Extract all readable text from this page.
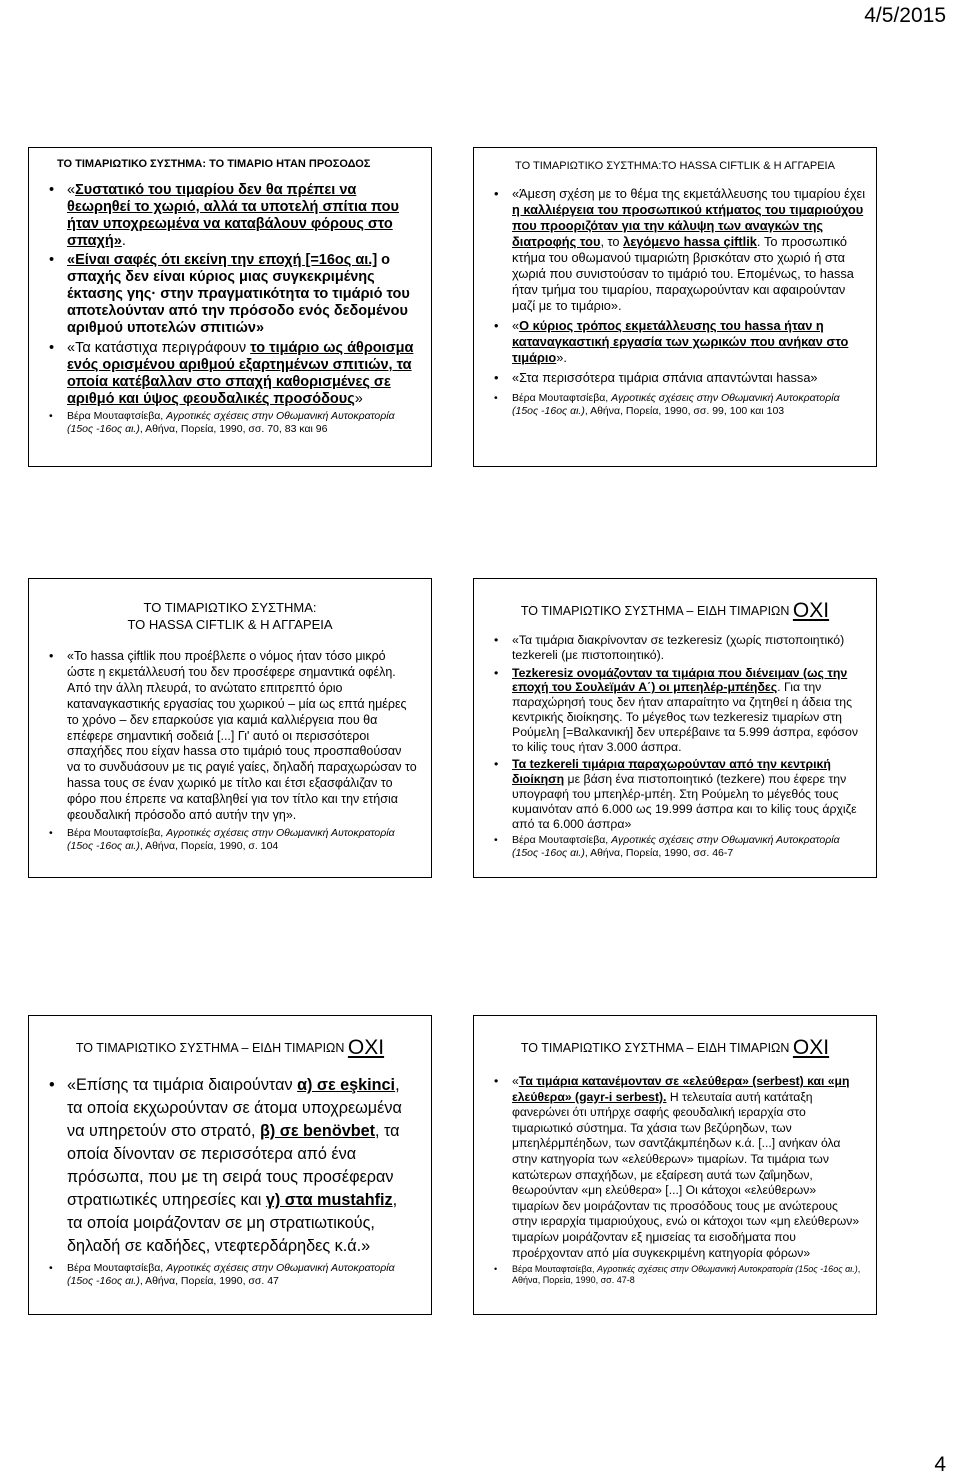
4/5/2015
ΤΟ ΤΙΜΑΡΙΩΤΙΚΟ ΣΥΣΤΗΜΑ: ΤΟ ΤΙΜΑΡΙΟ ΗΤΑΝ ΠΡΟΣΟΔΟΣ
• «Συστατικό του τιμαρίου δεν θα πρέπει να θεωρηθεί το χωριό, αλλά τα υποτελή σπίτια που ήταν υποχρεωμένα να καταβάλουν φόρους στο σπαχή».
• «Είναι σαφές ότι εκείνη την εποχή [=16ος αι.] ο σπαχής δεν είναι κύριος μιας συγκεκριμένης έκτασης γης· στην πραγματικότητα το τιμάριό του αποτελούνταν από την πρόσοδο ενός δεδομένου αριθμού υποτελών σπιτιών»
• «Τα κατάστιχα περιγράφουν το τιμάριο ως άθροισμα ενός ορισμένου αριθμού εξαρτημένων σπιτιών, τα οποία κατέβαλλαν στο σπαχή καθορισμένες σε αριθμό και ύψος φεουδαλικές προσόδους»
• Βέρα Μουταφτσίεβα, Αγροτικές σχέσεις στην Οθωμανική Αυτοκρατορία (15ος -16ος αι.), Αθήνα, Πορεία, 1990, σσ. 70, 83 και 96
ΤΟ ΤΙΜΑΡΙΩΤΙΚΟ ΣΥΣΤΗΜΑ:ΤΟ HASSA CIFTLIK & Η ΑΓΓΑΡΕΙΑ
• «Άμεση σχέση με το θέμα της εκμετάλλευσης του τιμαρίου έχει η καλλιέργεια του προσωπικού κτήματος του τιμαριούχου που προοριζόταν για την κάλυψη των αναγκών της διατροφής του, το λεγόμενο hassa çiftlik. Το προσωπικό κτήμα του οθωμανού τιμαριώτη βρισκόταν στο χωριό ή στα χωριά που συνιστούσαν το τιμάριό του. Επομένως, το hassa ήταν τμήμα του τιμαρίου, παραχωρούνταν και αφαιρούνταν μαζί με το τιμάριο».
• «Ο κύριος τρόπος εκμετάλλευσης του hassa ήταν η καταναγκαστική εργασία των χωρικών που ανήκαν στο τιμάριο».
• «Στα περισσότερα τιμάρια σπάνια απαντώνται hassa»
• Βέρα Μουταφτσίεβα, Αγροτικές σχέσεις στην Οθωμανική Αυτοκρατορία (15ος -16ος αι.), Αθήνα, Πορεία, 1990, σσ. 99, 100 και 103
ΤΟ ΤΙΜΑΡΙΩΤΙΚΟ ΣΥΣΤΗΜΑ:
ΤΟ HASSA CIFTLIK & Η ΑΓΓΑΡΕΙΑ
• «Το hassa çiftlik που προέβλεπε ο νόμος ήταν τόσο μικρό ώστε η εκμετάλλευσή του δεν προσέφερε σημαντικά οφέλη. Από την άλλη πλευρά, το ανώτατο επιτρεπτό όριο καταναγκαστικής εργασίας του χωρικού – μία ως επτά ημέρες το χρόνο – δεν επαρκούσε για καμιά καλλιέργεια που θα επέφερε σημαντική σοδειά [...] Γι' αυτό οι περισσότεροι σπαχήδες που είχαν hassa στο τιμάριό τους προσπαθούσαν να το συνδυάσουν με τις ραγιέ γαίες, δηλαδή παραχωρώσαν το hassa τους σε έναν χωρικό με τίτλο και έτσι εξασφάλιζαν το φόρο που έπρεπε να καταβληθεί για τον τίτλο και την ετήσια φεουδαλική πρόσοδο από αυτήν την γη».
• Βέρα Μουταφτσίεβα, Αγροτικές σχέσεις στην Οθωμανική Αυτοκρατορία (15ος -16ος αι.), Αθήνα, Πορεία, 1990, σ. 104
ΤΟ ΤΙΜΑΡΙΩΤΙΚΟ ΣΥΣΤΗΜΑ – ΕΙΔΗ ΤΙΜΑΡΙΩΝ ΟΧΙ
• «Τα τιμάρια διακρίνονταν σε tezkeresiz (χωρίς πιστοποιητικό) tezkereli (με πιστοποιητικό).
• Tezkeresiz ονομάζονταν τα τιμάρια που διένειμαν (ως την εποχή του Σουλεϊμάν Α΄) οι μπεηλέρ-μπέηδες. Για την παραχώρησή τους δεν ήταν απαραίτητο να ζητηθεί η άδεια της κεντρικής διοίκησης. Το μέγεθος των tezkeresiz τιμαρίων στη Ρούμελη [=Βαλκανική] δεν υπερέβαινε τα 5.999 άσπρα, εφόσον το kiliç τους ήταν 3.000 άσπρα.
• Τα tezkereli τιμάρια παραχωρούνταν από την κεντρική διοίκηση με βάση ένα πιστοποιητικό (tezkere) που έφερε την υπογραφή του μπεηλέρ-μπέη. Στη Ρούμελη το μέγεθός τους κυμαινόταν από 6.000 ως 19.999 άσπρα και το kiliç τους άρχιζε από τα 6.000 άσπρα»
• Βέρα Μουταφτσίεβα, Αγροτικές σχέσεις στην Οθωμανική Αυτοκρατορία (15ος -16ος αι.), Αθήνα, Πορεία, 1990, σσ. 46-7
ΤΟ ΤΙΜΑΡΙΩΤΙΚΟ ΣΥΣΤΗΜΑ – ΕΙΔΗ ΤΙΜΑΡΙΩΝ ΟΧΙ
• «Επίσης τα τιμάρια διαιρούνταν α) σε eşkinci, τα οποία εκχωρούνταν σε άτομα υποχρεωμένα να υπηρετούν στο στρατό, β) σε benövbet, τα οποία δίνονταν σε περισσότερα από ένα πρόσωπα, που με τη σειρά τους προσέφεραν στρατιωτικές υπηρεσίες και γ) στα mustahfiz, τα οποία μοιράζονταν σε μη στρατιωτικούς, δηλαδή σε καδήδες, ντεφτερδάρηδες κ.ά.»
• Βέρα Μουταφτσίεβα, Αγροτικές σχέσεις στην Οθωμανική Αυτοκρατορία (15ος -16ος αι.), Αθήνα, Πορεία, 1990, σσ. 47
ΤΟ ΤΙΜΑΡΙΩΤΙΚΟ ΣΥΣΤΗΜΑ – ΕΙΔΗ ΤΙΜΑΡΙΩΝ ΟΧΙ
• «Τα τιμάρια κατανέμονταν σε «ελεύθερα» (serbest) και «μη ελεύθερα» (gayr-i serbest). Η τελευταία αυτή κατάταξη φανερώνει ότι υπήρχε σαφής φεουδαλική ιεραρχία στο τιμαριωτικό σύστημα. Τα χάσια των βεζύρηδων, των μπεηλέρμπέηδων, των σαντζάκμπέηδων κ.ά. [...] ανήκαν όλα στην κατηγορία των «ελεύθερων» τιμαρίων. Τα τιμάρια των κατώτερων σπαχήδων, με εξαίρεση αυτά των ζαΐμηδων, θεωρούνταν «μη ελεύθερα» [...] Οι κάτοχοι «ελεύθερων» τιμαρίων δεν μοιράζονταν τις προσόδους τους με ανώτερους στην ιεραρχία τιμαριούχους, ενώ οι κάτοχοι των «μη ελεύθερων» τιμαρίων μοιράζονταν εξ ημισείας τα εισοδήματα που προέρχονταν από μία συγκεκριμένη κατηγορία φόρων»
• Βέρα Μουταφτσίεβα, Αγροτικές σχέσεις στην Οθωμανική Αυτοκρατορία (15ος -16ος αι.), Αθήνα, Πορεία, 1990, σσ. 47-8
4
